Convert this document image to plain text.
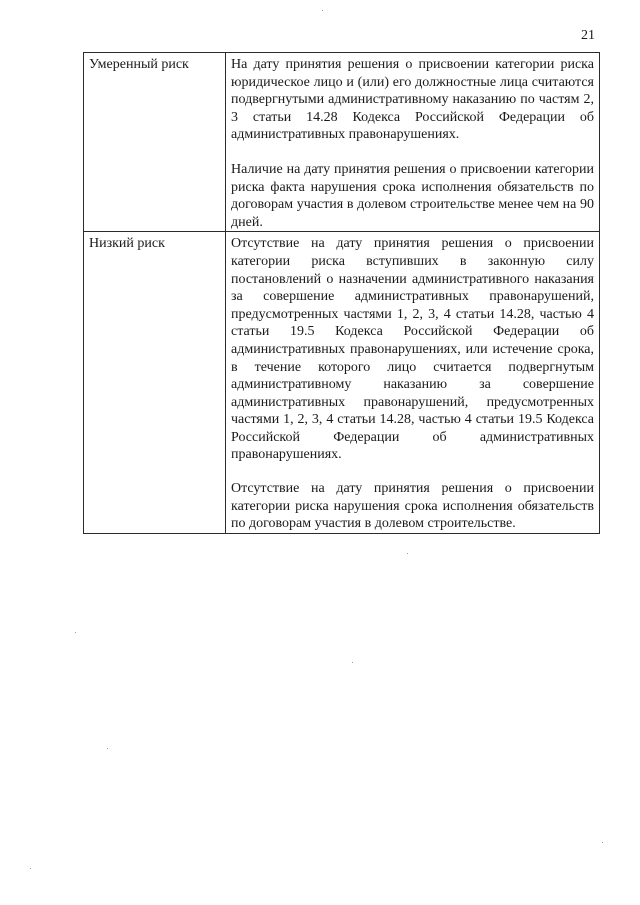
21
Умеренный риск	На дату принятия решения о присвоении категории риска юридическое лицо и (или) его должностные лица считаются подвергнутыми административному наказанию по частям 2, 3 статьи 14.28 Кодекса Российской Федерации об административных правонарушениях.

Наличие на дату принятия решения о присвоении категории риска факта нарушения срока исполнения обязательств по договорам участия в долевом строительстве менее чем на 90 дней.

Низкий риск	Отсутствие на дату принятия решения о присвоении категории риска вступивших в законную силу постановлений о назначении административного наказания за совершение административных правонарушений, предусмотренных частями 1, 2, 3, 4 статьи 14.28, частью 4 статьи 19.5 Кодекса Российской Федерации об административных правонарушениях, или истечение срока, в течение которого лицо считается подвергнутым административному наказанию за совершение административных правонарушений, предусмотренных частями 1, 2, 3, 4 статьи 14.28, частью 4 статьи 19.5 Кодекса Российской Федерации об административных правонарушениях.

Отсутствие на дату принятия решения о присвоении категории риска нарушения срока исполнения обязательств по договорам участия в долевом строительстве.
